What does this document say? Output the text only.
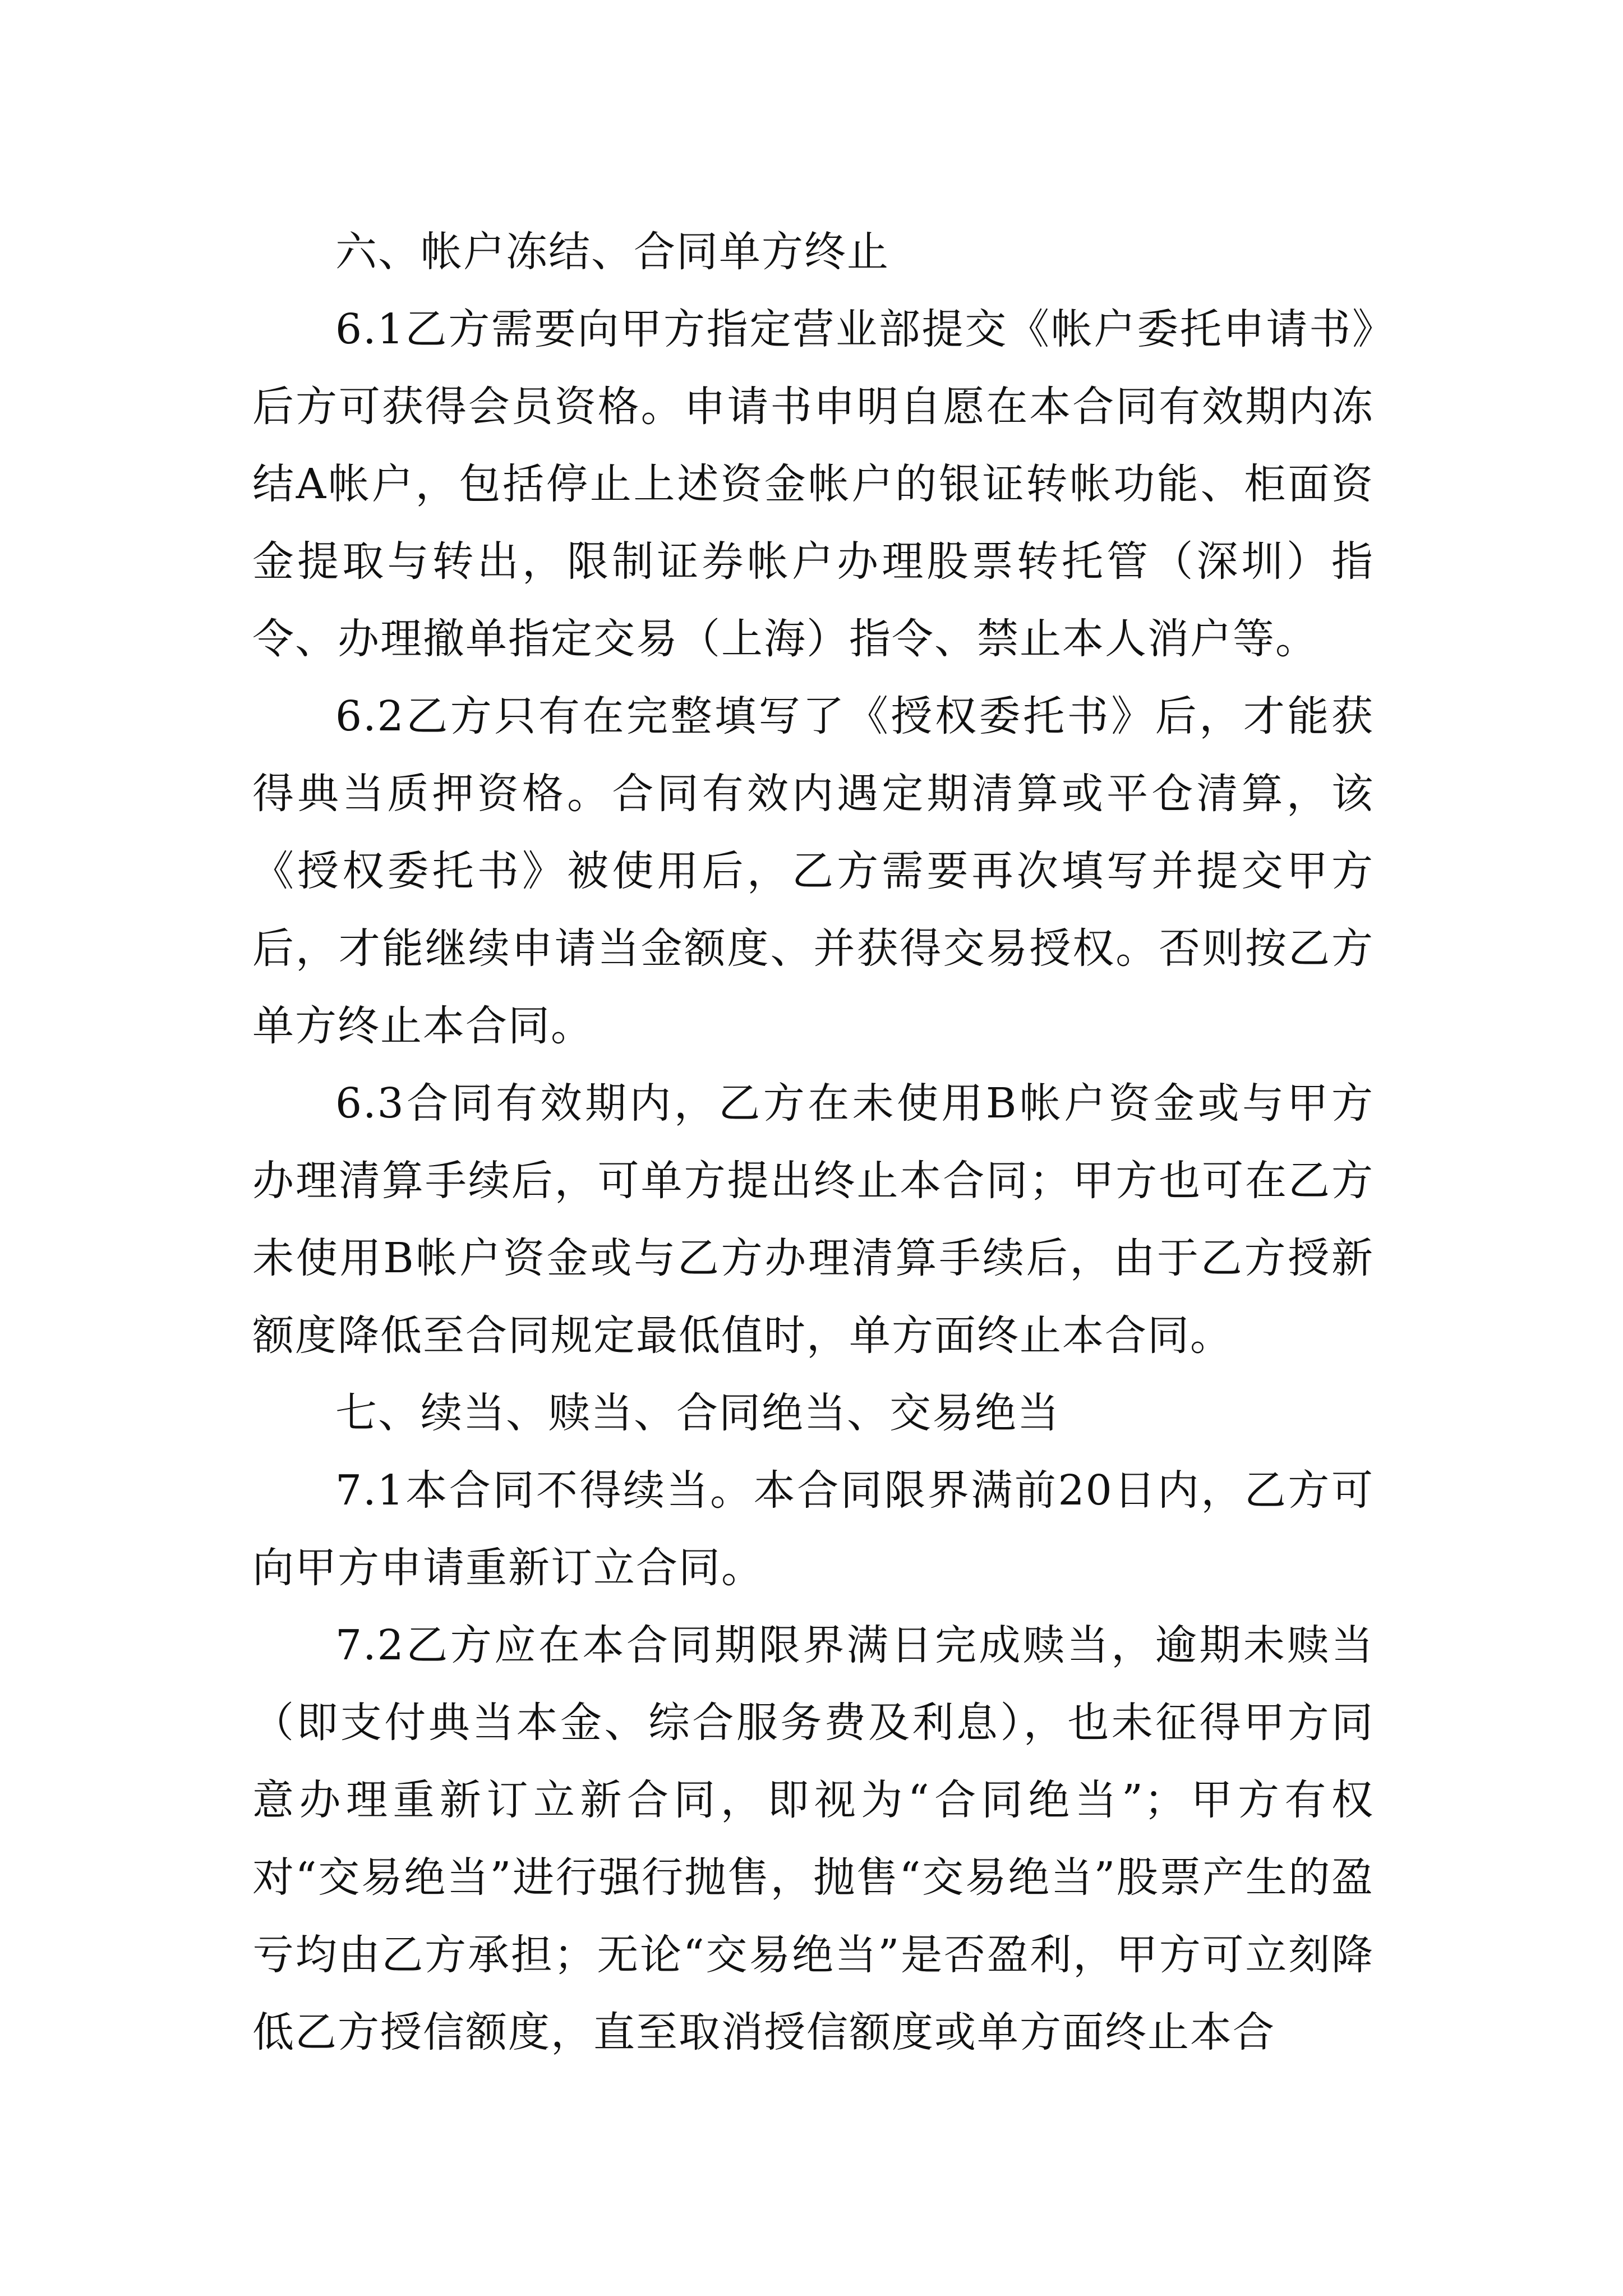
六、帐户冻结、合同单方终止

6.1乙方需要向甲方指定营业部提交《帐户委托申请书》后方可获得会员资格。申请书申明自愿在本合同有效期内冻结A帐户，包括停止上述资金帐户的银证转帐功能、柜面资金提取与转出，限制证券帐户办理股票转托管（深圳）指令、办理撤单指定交易（上海）指令、禁止本人消户等。

6.2乙方只有在完整填写了《授权委托书》后，才能获得典当质押资格。合同有效内遇定期清算或平仓清算，该《授权委托书》被使用后，乙方需要再次填写并提交甲方后，才能继续申请当金额度、并获得交易授权。否则按乙方单方终止本合同。

6.3合同有效期内，乙方在未使用B帐户资金或与甲方办理清算手续后，可单方提出终止本合同；甲方也可在乙方未使用B帐户资金或与乙方办理清算手续后，由于乙方授新额度降低至合同规定最低值时，单方面终止本合同。

七、续当、赎当、合同绝当、交易绝当

7.1本合同不得续当。本合同限界满前20日内，乙方可向甲方申请重新订立合同。

7.2乙方应在本合同期限界满日完成赎当，逾期未赎当（即支付典当本金、综合服务费及利息），也未征得甲方同意办理重新订立新合同，即视为“合同绝当”；甲方有权对“交易绝当”进行强行抛售，抛售“交易绝当”股票产生的盈亏均由乙方承担；无论“交易绝当”是否盈利，甲方可立刻降低乙方授信额度，直至取消授信额度或单方面终止本合
